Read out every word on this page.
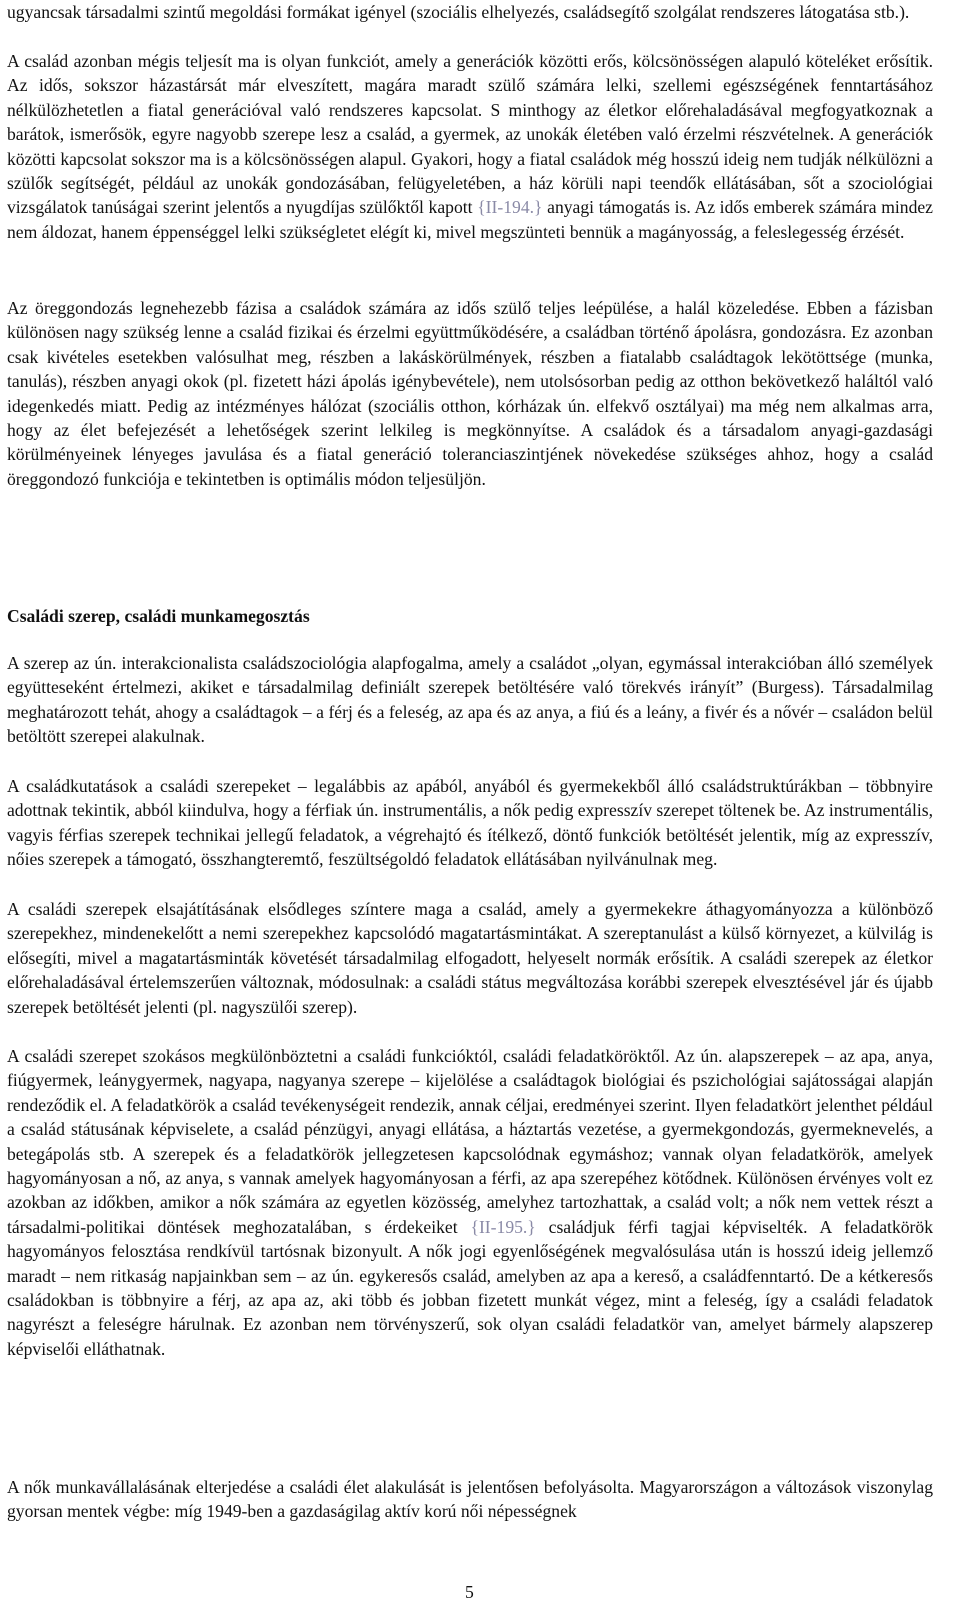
ugyancsak társadalmi szintű megoldási formákat igényel (szociális elhelyezés, családsegítő szolgálat rendszeres látogatása stb.).

A család azonban mégis teljesít ma is olyan funkciót, amely a generációk közötti erős, kölcsönösségen alapuló köteléket erősítik. Az idős, sokszor házastársát már elveszített, magára maradt szülő számára lelki, szellemi egészségének fenntartásához nélkülözhetetlen a fiatal generációval való rendszeres kapcsolat. S minthogy az életkor előrehaladásával megfogyatkoznak a barátok, ismerősök, egyre nagyobb szerepe lesz a család, a gyermek, az unokák életében való érzelmi részvételnek. A generációk közötti kapcsolat sokszor ma is a kölcsönösségen alapul. Gyakori, hogy a fiatal családok még hosszú ideig nem tudják nélkülözni a szülők segítségét, például az unokák gondozásában, felügyeletében, a ház körüli napi teendők ellátásában, sőt a szociológiai vizsgálatok tanúságai szerint jelentős a nyugdíjas szülőktől kapott {II-194.} anyagi támogatás is. Az idős emberek számára mindez nem áldozat, hanem éppenséggel lelki szükségletet elégít ki, mivel megszünteti bennük a magányosság, a feleslegesség érzését.

Az öreggondozás legnehezebb fázisa a családok számára az idős szülő teljes leépülése, a halál közeledése. Ebben a fázisban különösen nagy szükség lenne a család fizikai és érzelmi együttműködésére, a családban történő ápolásra, gondozásra. Ez azonban csak kivételes esetekben valósulhat meg, részben a lakáskörülmények, részben a fiatalabb családtagok lekötöttsége (munka, tanulás), részben anyagi okok (pl. fizetett házi ápolás igénybevétele), nem utolsósorban pedig az otthon bekövetkező haláltól való idegenkedés miatt. Pedig az intézményes hálózat (szociális otthon, kórházak ún. elfekvő osztályai) ma még nem alkalmas arra, hogy az élet befejezését a lehetőségek szerint lelkileg is megkönnyítse. A családok és a társadalom anyagi-gazdasági körülményeinek lényeges javulása és a fiatal generáció toleranciaszintjének növekedése szükséges ahhoz, hogy a család öreggondozó funkciója e tekintetben is optimális módon teljesüljön.

Családi szerep, családi munkamegosztás

A szerep az ún. interakcionalista családszociológia alapfogalma, amely a családot „olyan, egymással interakcióban álló személyek együtteseként értelmezi, akiket e társadalmilag definiált szerepek betöltésére való törekvés irányít” (Burgess). Társadalmilag meghatározott tehát, ahogy a családtagok – a férj és a feleség, az apa és az anya, a fiú és a leány, a fivér és a nővér – családon belül betöltött szerepei alakulnak.

A családkutatások a családi szerepeket – legalábbis az apából, anyából és gyermekekből álló családstruktúrákban – többnyire adottnak tekintik, abból kiindulva, hogy a férfiak ún. instrumentális, a nők pedig expresszív szerepet töltenek be. Az instrumentális, vagyis férfias szerepek technikai jellegű feladatok, a végrehajtó és ítélkező, döntő funkciók betöltését jelentik, míg az expresszív, nőies szerepek a támogató, összhangteremtő, feszültségoldó feladatok ellátásában nyilvánulnak meg.

A családi szerepek elsajátításának elsődleges színtere maga a család, amely a gyermekekre áthagyományozza a különböző szerepekhez, mindenekelőtt a nemi szerepekhez kapcsolódó magatartásmintákat. A szereptanulást a külső környezet, a külvilág is elősegíti, mivel a magatartásminták követését társadalmilag elfogadott, helyeselt normák erősítik. A családi szerepek az életkor előrehaladásával értelemszerűen változnak, módosulnak: a családi státus megváltozása korábbi szerepek elvesztésével jár és újabb szerepek betöltését jelenti (pl. nagyszülői szerep).

A családi szerepet szokásos megkülönböztetni a családi funkcióktól, családi feladatköröktől. Az ún. alapszerepek – az apa, anya, fiúgyermek, leánygyermek, nagyapa, nagyanya szerepe – kijelölése a családtagok biológiai és pszichológiai sajátosságai alapján rendeződik el. A feladatkörök a család tevékenységeit rendezik, annak céljai, eredményei szerint. Ilyen feladatkört jelenthet például a család státusának képviselete, a család pénzügyi, anyagi ellátása, a háztartás vezetése, a gyermekgondozás, gyermeknevelés, a betegápolás stb. A szerepek és a feladatkörök jellegzetesen kapcsolódnak egymáshoz; vannak olyan feladatkörök, amelyek hagyományosan a nő, az anya, s vannak amelyek hagyományosan a férfi, az apa szerepéhez kötődnek. Különösen érvényes volt ez azokban az időkben, amikor a nők számára az egyetlen közösség, amelyhez tartozhattak, a család volt; a nők nem vettek részt a társadalmi-politikai döntések meghozatalában, s érdekeiket {II-195.} családjuk férfi tagjai képviselték. A feladatkörök hagyományos felosztása rendkívül tartósnak bizonyult. A nők jogi egyenlőségének megvalósulása után is hosszú ideig jellemző maradt – nem ritkaság napjainkban sem – az ún. egykeresős család, amelyben az apa a kereső, a családfenntartó. De a kétkeresős családokban is többnyire a férj, az apa az, aki több és jobban fizetett munkát végez, mint a feleség, így a családi feladatok nagyrészt a feleségre hárulnak. Ez azonban nem törvényszerű, sok olyan családi feladatkör van, amelyet bármely alapszerep képviselői elláthatnak.

A nők munkavállalásának elterjedése a családi élet alakulását is jelentősen befolyásolta. Magyarországon a változások viszonylag gyorsan mentek végbe: míg 1949-ben a gazdaságilag aktív korú női népességnek

5
